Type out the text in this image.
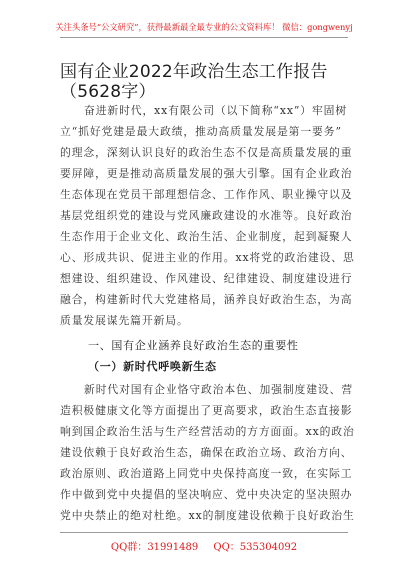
关注头条号“公文研究”，获得最新最全最专业的公文资料库！ 微信：gongwenyj
国有企业2022年政治生态工作报告（5628字）
奋进新时代，xx有限公司（以下简称“xx”）牢固树
立“抓好党建是最大政绩，推动高质量发展是第一要务”
的理念，深刻认识良好的政治生态不仅是高质量发展的重
要屏障，更是推动高质量发展的强大引擎。国有企业政治
生态体现在党员干部理想信念、工作作风、职业操守以及
基层党组织党的建设与党风廉政建设的水准等。良好政治
生态作用于企业文化、政治生活、企业制度，起到凝聚人
心、形成共识、促进主业的作用。xx将党的政治建设、思
想建设、组织建设、作风建设、纪律建设、制度建设进行
融合，构建新时代大党建格局，涵养良好政治生态，为高
质量发展谋先篇开新局。
一、国有企业涵养良好政治生态的重要性
（一）新时代呼唤新生态
新时代对国有企业恪守政治本色、加强制度建设、营
造积极健康文化等方面提出了更高要求，政治生态直接影
响到国企政治生活与生产经营活动的方方面面。xx的政治
建设依赖于良好政治生态，确保在政治立场、政治方向、
政治原则、政治道路上同党中央保持高度一致，在实际工
作中做到党中央提倡的坚决响应、党中央决定的坚决照办
党中央禁止的绝对杜绝。xx的制度建设依赖于良好政治生
QQ群：31991489 QQ：535304092
